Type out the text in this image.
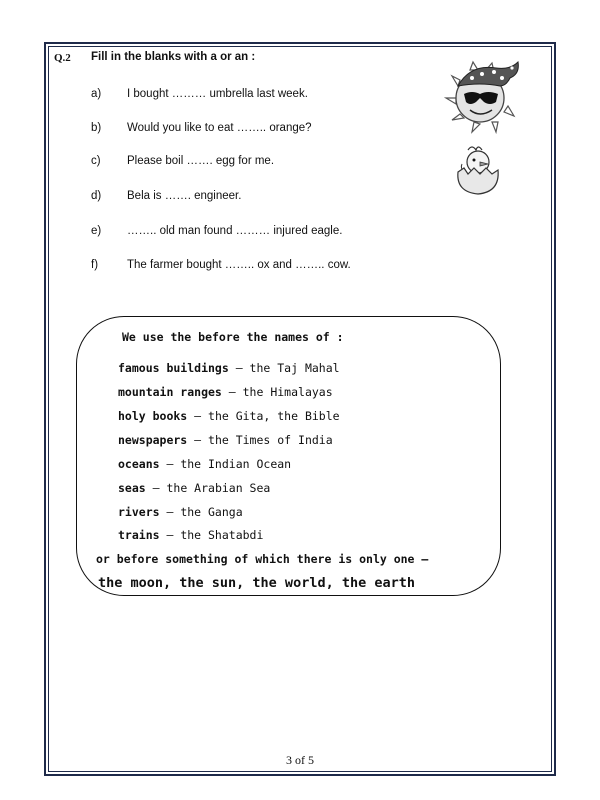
Q.2 Fill in the blanks with a or an :
a) I bought ……… umbrella last week.
b) Would you like to eat …….. orange?
c) Please boil ……. egg for me.
d) Bela is ……. engineer.
e) …….. old man found ……… injured eagle.
f)	The farmer bought …….. ox and …….. cow.
We use the before the names of :
famous buildings – the Taj Mahal
mountain ranges – the Himalayas
holy books – the Gita, the Bible
newspapers – the Times of India
oceans – the Indian Ocean
seas – the Arabian Sea
rivers – the Ganga
trains – the Shatabdi
or before something of which there is only one –
the moon, the sun, the world, the earth
3 of 5
